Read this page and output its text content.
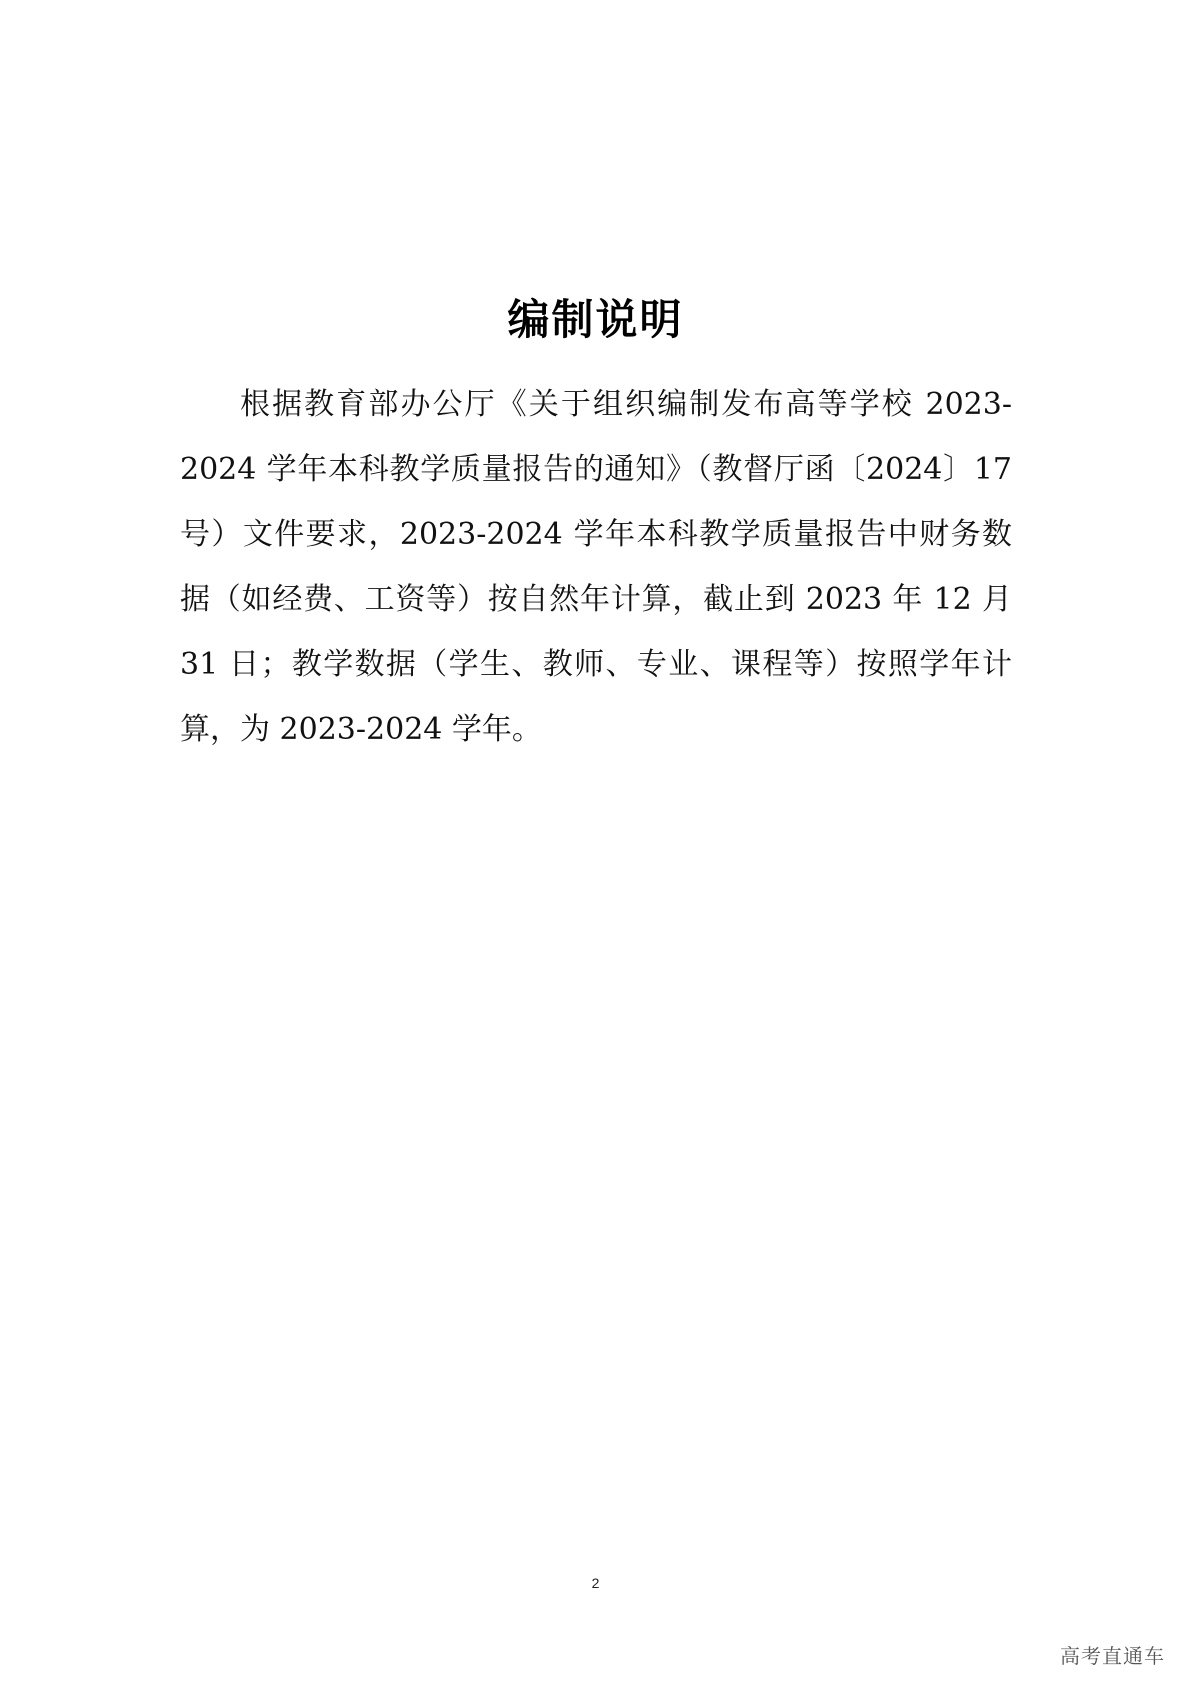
编制说明

根据教育部办公厅《关于组织编制发布高等学校 2023-2024 学年本科教学质量报告的通知》（教督厅函〔2024〕17 号）文件要求，2023-2024 学年本科教学质量报告中财务数据（如经费、工资等）按自然年计算，截止到 2023 年 12 月 31 日；教学数据（学生、教师、专业、课程等）按照学年计算，为 2023-2024 学年。

2
高考直通车
